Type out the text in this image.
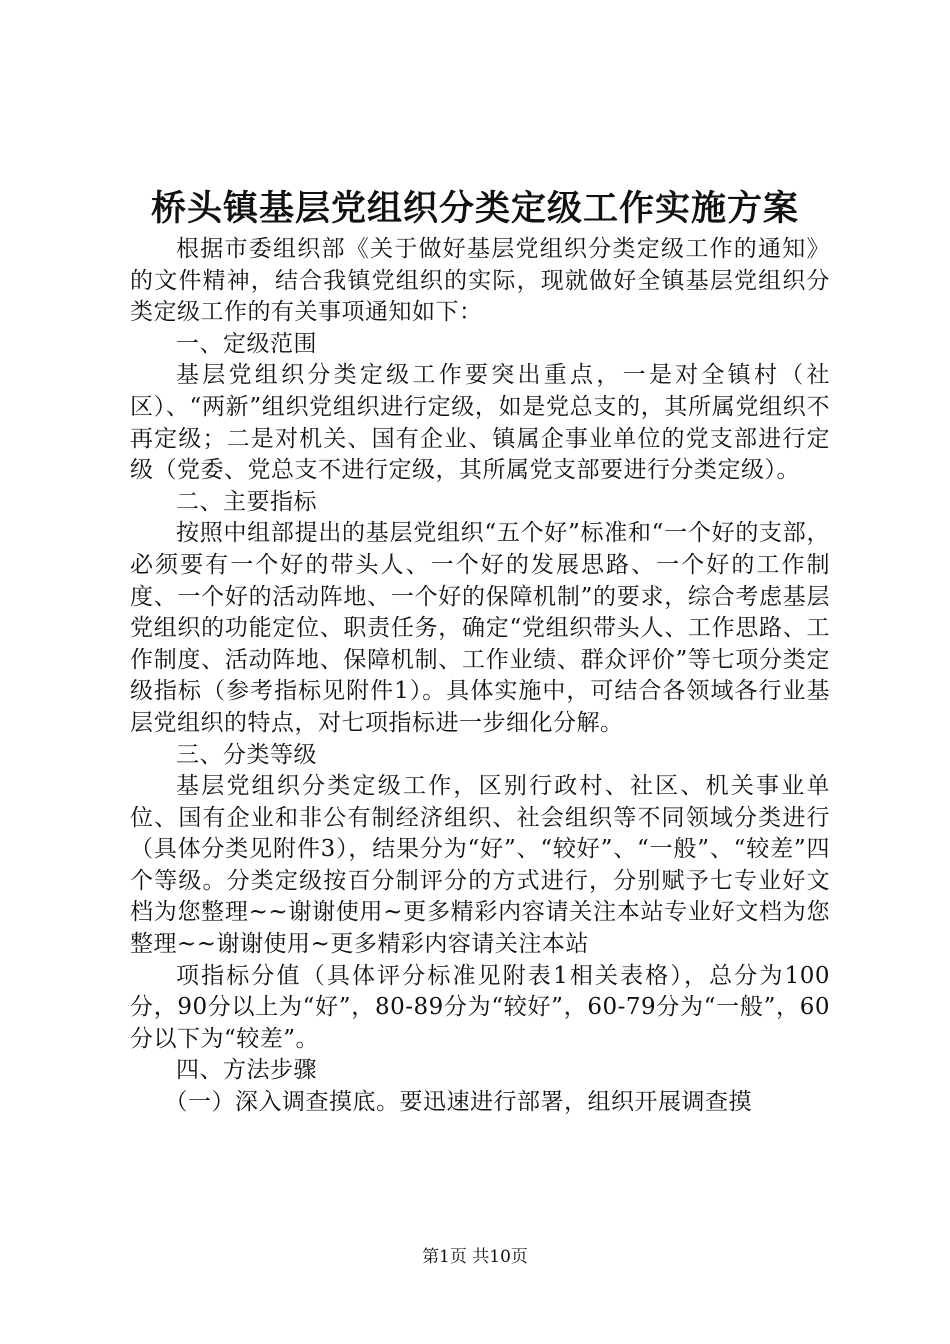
桥头镇基层党组织分类定级工作实施方案

根据市委组织部《关于做好基层党组织分类定级工作的通知》的文件精神，结合我镇党组织的实际，现就做好全镇基层党组织分类定级工作的有关事项通知如下：

一、定级范围

基层党组织分类定级工作要突出重点，一是对全镇村（社区）、“两新”组织党组织进行定级，如是党总支的，其所属党组织不再定级；二是对机关、国有企业、镇属企事业单位的党支部进行定级（党委、党总支不进行定级，其所属党支部要进行分类定级）。

二、主要指标

按照中组部提出的基层党组织“五个好”标准和“一个好的支部，必须要有一个好的带头人、一个好的发展思路、一个好的工作制度、一个好的活动阵地、一个好的保障机制”的要求，综合考虑基层党组织的功能定位、职责任务，确定“党组织带头人、工作思路、工作制度、活动阵地、保障机制、工作业绩、群众评价”等七项分类定级指标（参考指标见附件1）。具体实施中，可结合各领域各行业基层党组织的特点，对七项指标进一步细化分解。

三、分类等级

基层党组织分类定级工作，区别行政村、社区、机关事业单位、国有企业和非公有制经济组织、社会组织等不同领域分类进行（具体分类见附件3），结果分为“好”、“较好”、“一般”、“较差”四个等级。分类定级按百分制评分的方式进行，分别赋予七专业好文档为您整理~~谢谢使用~更多精彩内容请关注本站专业好文档为您整理~~谢谢使用~更多精彩内容请关注本站

项指标分值（具体评分标准见附表1相关表格），总分为100分，90分以上为“好”，80-89分为“较好”，60-79分为“一般”，60分以下为“较差”。

四、方法步骤

（一）深入调查摸底。要迅速进行部署，组织开展调查摸

第1页 共10页
